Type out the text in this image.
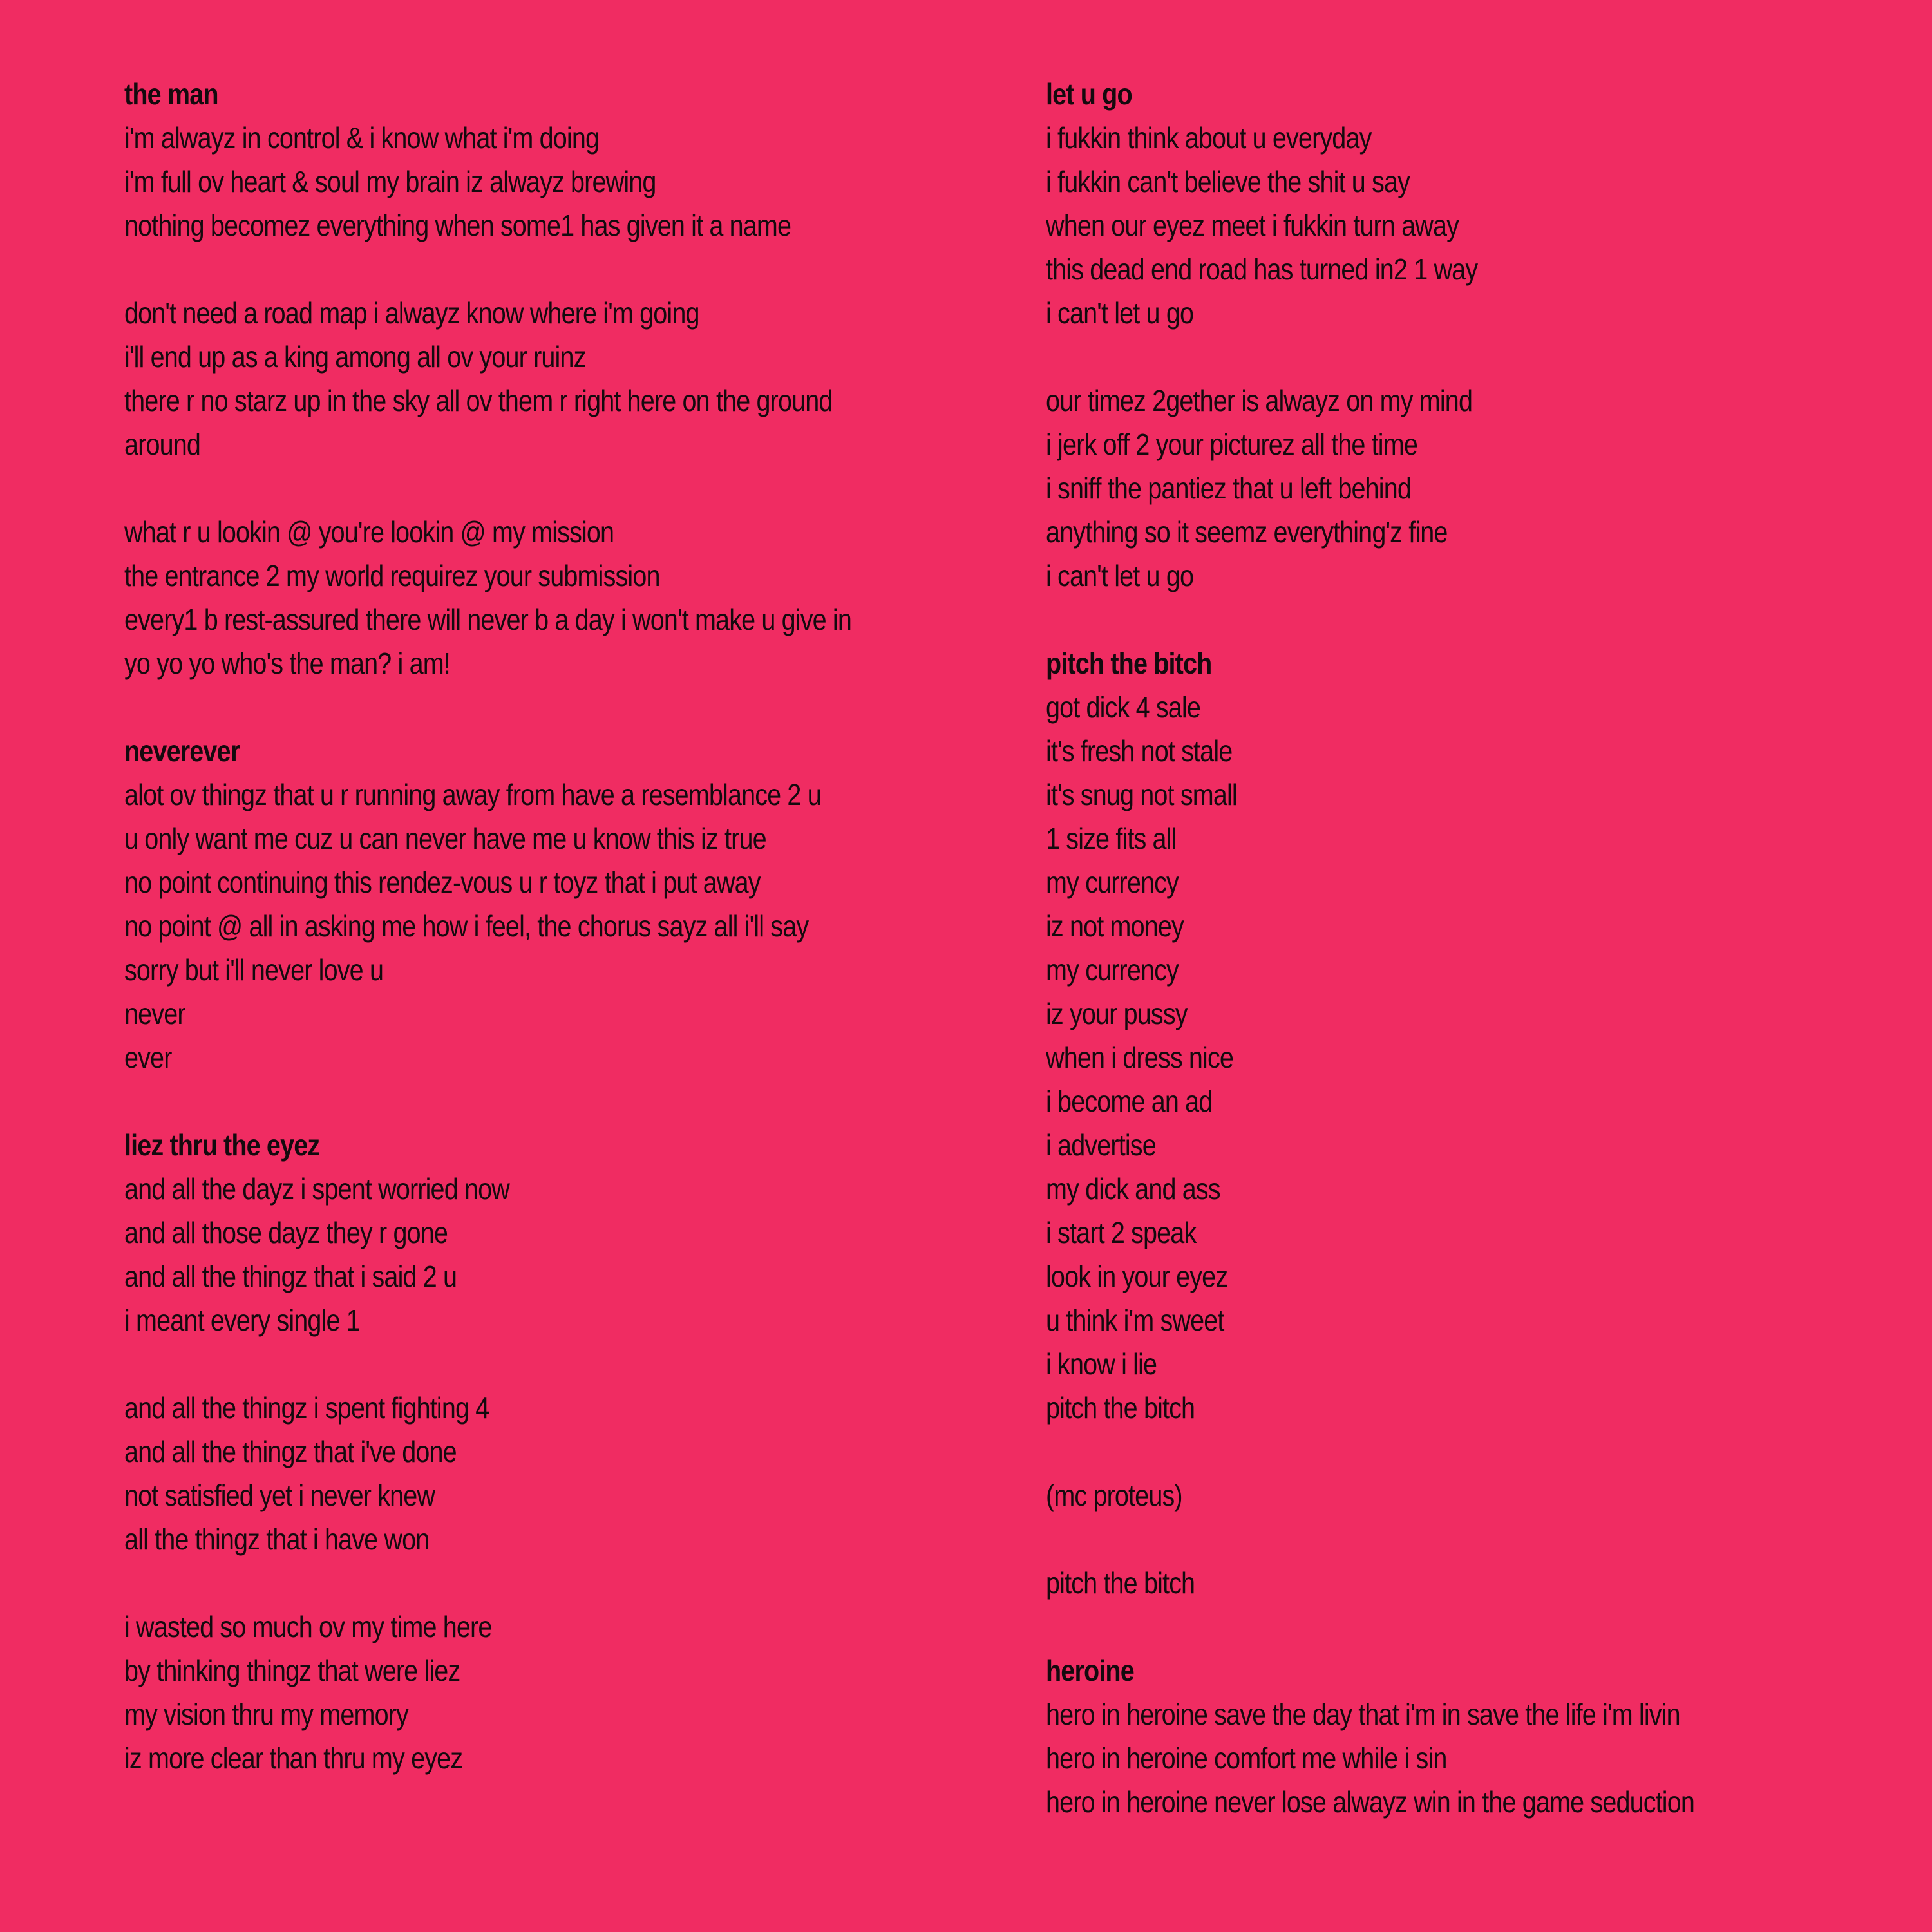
the man
i'm alwayz in control & i know what i'm doing
i'm full ov heart & soul my brain iz alwayz brewing
nothing becomez everything when some1 has given it a name
don't need a road map i alwayz know where i'm going
i'll end up as a king among all ov your ruinz
there r no starz up in the sky all ov them r right here on the ground
around
what r u lookin @ you're lookin @ my mission
the entrance 2 my world requirez your submission
every1 b rest-assured there will never b a day i won't make u give in
yo yo yo who's the man? i am!
neverever
alot ov thingz that u r running away from have a resemblance 2 u
u only want me cuz u can never have me u know this iz true
no point continuing this rendez-vous u r toyz that i put away
no point @ all in asking me how i feel, the chorus sayz all i'll say
sorry but i'll never love u
never
ever
liez thru the eyez
and all the dayz i spent worried now
and all those dayz they r gone
and all the thingz that i said 2 u
i meant every single 1
and all the thingz i spent fighting 4
and all the thingz that i've done
not satisfied yet i never knew
all the thingz that i have won
i wasted so much ov my time here
by thinking thingz that were liez
my vision thru my memory
iz more clear than thru my eyez
let u go
i fukkin think about u everyday
i fukkin can't believe the shit u say
when our eyez meet i fukkin turn away
this dead end road has turned in2 1 way
i can't let u go
our timez 2gether is alwayz on my mind
i jerk off 2 your picturez all the time
i sniff the pantiez that u left behind
anything so it seemz everything'z fine
i can't let u go
pitch the bitch
got dick 4 sale
it's fresh not stale
it's snug not small
1 size fits all
my currency
iz not money
my currency
iz your pussy
when i dress nice
i become an ad
i advertise
my dick and ass
i start 2 speak
look in your eyez
u think i'm sweet
i know i lie
pitch the bitch
(mc proteus)
pitch the bitch
heroine
hero in heroine save the day that i'm in save the life i'm livin
hero in heroine comfort me while i sin
hero in heroine never lose alwayz win in the game seduction
